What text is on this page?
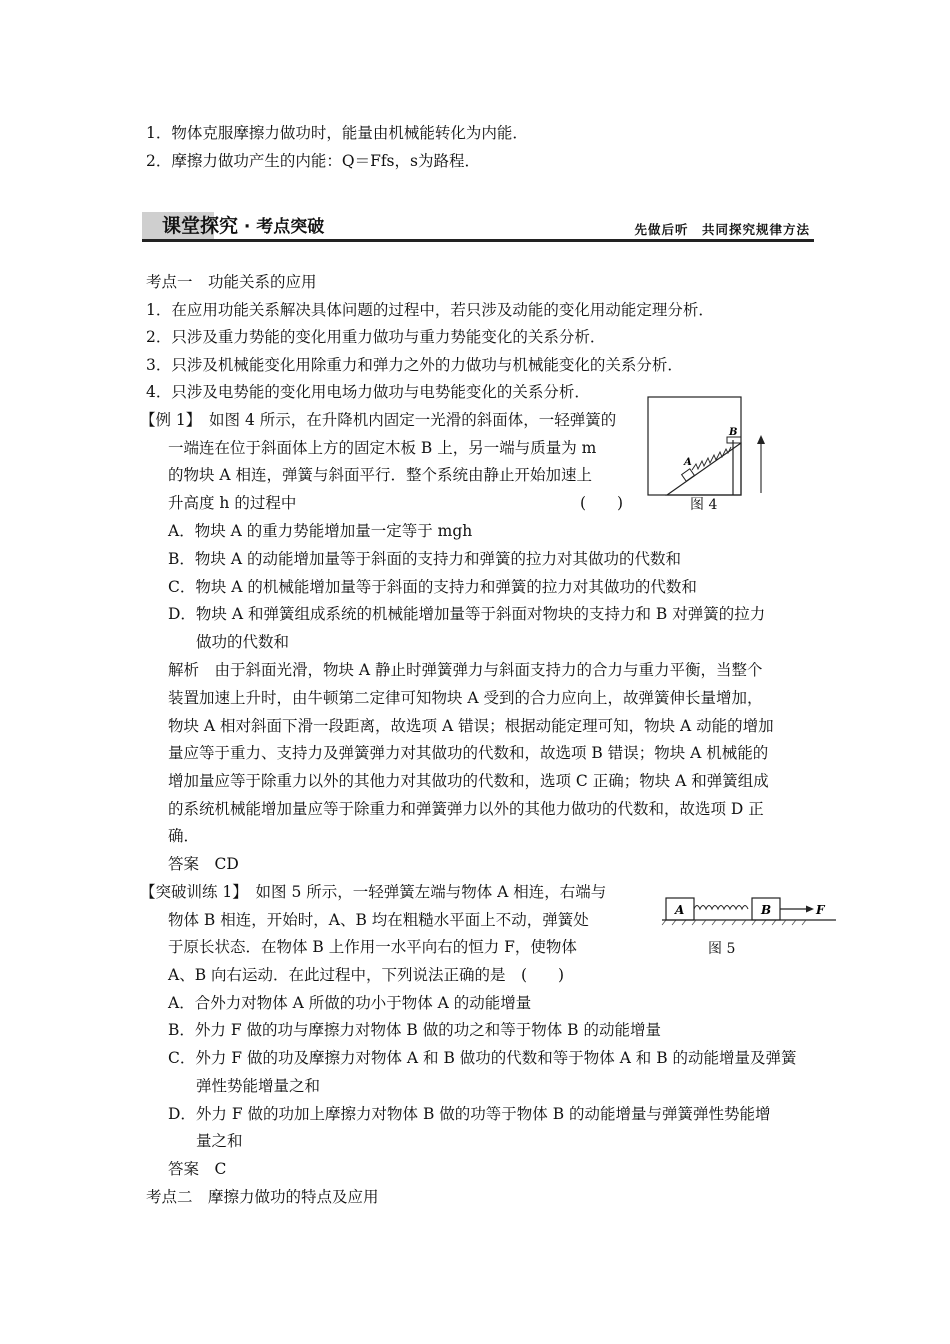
1．物体克服摩擦力做功时，能量由机械能转化为内能．
2．摩擦力做功产生的内能：Q＝Ffs，s为路程．
课堂探究 · 考点突破	先做后听　共同探究规律方法
考点一　功能关系的应用
1．在应用功能关系解决具体问题的过程中，若只涉及动能的变化用动能定理分析．
2．只涉及重力势能的变化用重力做功与重力势能变化的关系分析．
3．只涉及机械能变化用除重力和弹力之外的力做功与机械能变化的关系分析．
4．只涉及电势能的变化用电场力做功与电势能变化的关系分析．
【例 1】　如图 4 所示，在升降机内固定一光滑的斜面体，一轻弹簧的
一端连在位于斜面体上方的固定木板 B 上，另一端与质量为 m
的物块 A 相连，弹簧与斜面平行．整个系统由静止开始加速上
升高度 h 的过程中	(　　)
A
B
图 4
A．物块 A 的重力势能增加量一定等于 mgh
B．物块 A 的动能增加量等于斜面的支持力和弹簧的拉力对其做功的代数和
C．物块 A 的机械能增加量等于斜面的支持力和弹簧的拉力对其做功的代数和
D．物块 A 和弹簧组成系统的机械能增加量等于斜面对物块的支持力和 B 对弹簧的拉力
做功的代数和
解析　由于斜面光滑，物块 A 静止时弹簧弹力与斜面支持力的合力与重力平衡，当整个
装置加速上升时，由牛顿第二定律可知物块 A 受到的合力应向上，故弹簧伸长量增加，
物块 A 相对斜面下滑一段距离，故选项 A 错误；根据动能定理可知，物块 A 动能的增加
量应等于重力、支持力及弹簧弹力对其做功的代数和，故选项 B 错误；物块 A 机械能的
增加量应等于除重力以外的其他力对其做功的代数和，选项 C 正确；物块 A 和弹簧组成
的系统机械能增加量应等于除重力和弹簧弹力以外的其他力做功的代数和，故选项 D 正
确．
答案　CD
【突破训练 1】　如图 5 所示，一轻弹簧左端与物体 A 相连，右端与
物体 B 相连，开始时，A、B 均在粗糙水平面上不动，弹簧处
于原长状态．在物体 B 上作用一水平向右的恒力 F，使物体
A、B 向右运动．在此过程中，下列说法正确的是　(　　)
A	B	F
图 5
A．合外力对物体 A 所做的功小于物体 A 的动能增量
B．外力 F 做的功与摩擦力对物体 B 做的功之和等于物体 B 的动能增量
C．外力 F 做的功及摩擦力对物体 A 和 B 做功的代数和等于物体 A 和 B 的动能增量及弹簧
弹性势能增量之和
D．外力 F 做的功加上摩擦力对物体 B 做的功等于物体 B 的动能增量与弹簧弹性势能增
量之和
答案　C
考点二　摩擦力做功的特点及应用
